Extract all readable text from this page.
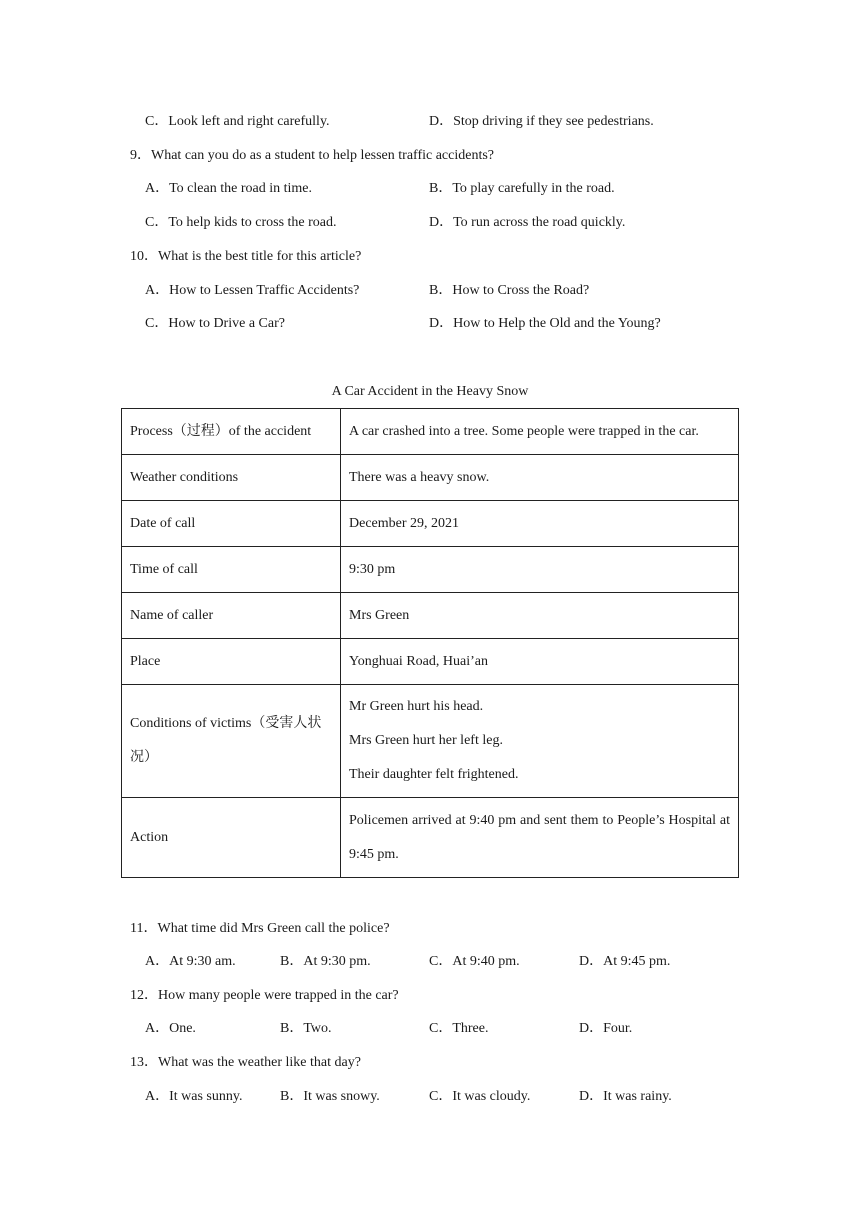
C．Look left and right carefully.	D．Stop driving if they see pedestrians.
9．What can you do as a student to help lessen traffic accidents?
A．To clean the road in time.	B．To play carefully in the road.
C．To help kids to cross the road.	D．To run across the road quickly.
10．What is the best title for this article?
A．How to Lessen Traffic Accidents?	B．How to Cross the Road?
C．How to Drive a Car?	D．How to Help the Old and the Young?
A Car Accident in the Heavy Snow
Process（过程）of the accident	A car crashed into a tree. Some people were trapped in the car.
Weather conditions	There was a heavy snow.
Date of call	December 29, 2021
Time of call	9:30 pm
Name of caller	Mrs Green
Place	Yonghuai Road, Huai’an
Conditions of victims（受害人状况）	Mr Green hurt his head.
Mrs Green hurt her left leg.
Their daughter felt frightened.

Action	Policemen arrived at 9:40 pm and sent them to People’s Hospital at 9:45 pm.
11．What time did Mrs Green call the police?
A．At 9:30 am.	B．At 9:30 pm.	C．At 9:40 pm.	D．At 9:45 pm.
12．How many people were trapped in the car?
A．One.	B．Two.	C．Three.	D．Four.
13．What was the weather like that day?
A．It was sunny.	B．It was snowy.	C．It was cloudy.	D．It was rainy.
